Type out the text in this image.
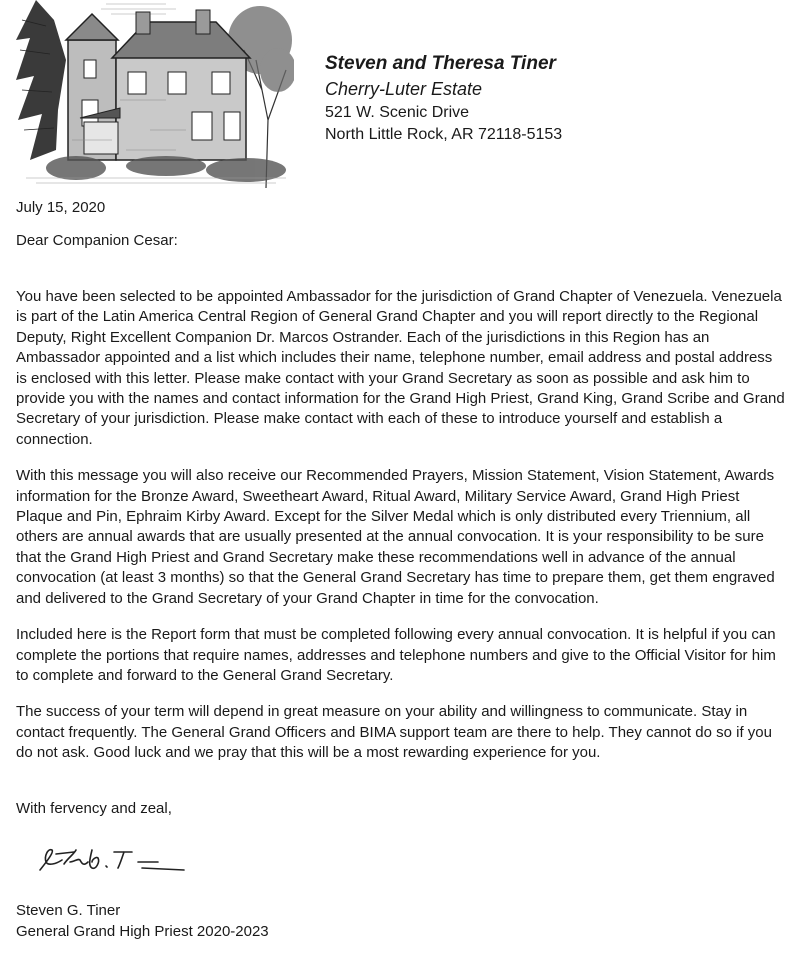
Steven and Theresa Tiner
Cherry-Luter Estate
521 W. Scenic Drive
North Little Rock, AR 72118-5153
July 15, 2020
Dear Companion Cesar:

You have been selected to be appointed Ambassador for the jurisdiction of Grand Chapter of Venezuela. Venezuela is part of the Latin America Central Region of General Grand Chapter and you will report directly to the Regional Deputy, Right Excellent Companion Dr. Marcos Ostrander. Each of the jurisdictions in this Region has an Ambassador appointed and a list which includes their name, telephone number, email address and postal address is enclosed with this letter. Please make contact with your Grand Secretary as soon as possible and ask him to provide you with the names and contact information for the Grand High Priest, Grand King, Grand Scribe and Grand Secretary of your jurisdiction. Please make contact with each of these to introduce yourself and establish a connection.

With this message you will also receive our Recommended Prayers, Mission Statement, Vision Statement, Awards information for the Bronze Award, Sweetheart Award, Ritual Award, Military Service Award, Grand High Priest Plaque and Pin, Ephraim Kirby Award. Except for the Silver Medal which is only distributed every Triennium, all others are annual awards that are usually presented at the annual convocation. It is your responsibility to be sure that the Grand High Priest and Grand Secretary make these recommendations well in advance of the annual convocation (at least 3 months) so that the General Grand Secretary has time to prepare them, get them engraved and delivered to the Grand Secretary of your Grand Chapter in time for the convocation.

Included here is the Report form that must be completed following every annual convocation. It is helpful if you can complete the portions that require names, addresses and telephone numbers and give to the Official Visitor for him to complete and forward to the General Grand Secretary.

The success of your term will depend in great measure on your ability and willingness to communicate. Stay in contact frequently. The General Grand Officers and BIMA support team are there to help. They cannot do so if you do not ask. Good luck and we pray that this will be a most rewarding experience for you.

With fervency and zeal,
Steven G. Tiner
General Grand High Priest 2020-2023
